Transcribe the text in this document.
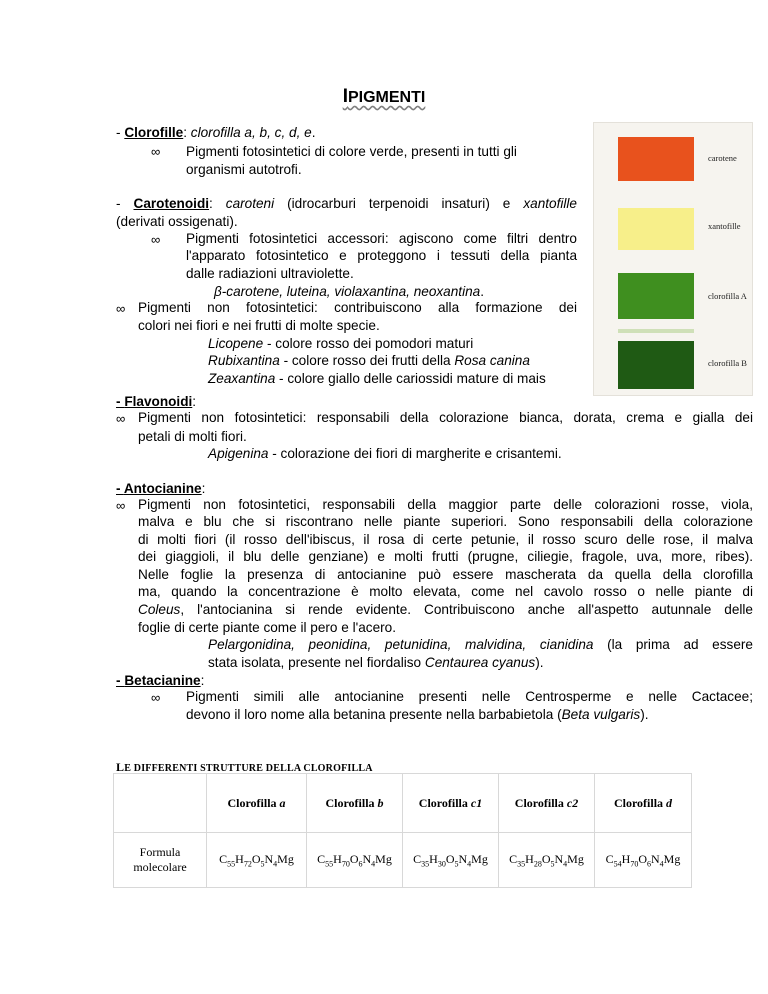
IPIGMENTI
- Clorofille: clorofilla a, b, c, d, e.
∞ Pigmenti fotosintetici di colore verde, presenti in tutti gli
organismi autotrofi.
- Carotenoidi: caroteni (idrocarburi terpenoidi insaturi) e xantofille
(derivati ossigenati).
∞ Pigmenti fotosintetici accessori: agiscono come filtri dentro
l'apparato fotosintetico e proteggono i tessuti della pianta
dalle radiazioni ultraviolette.
β-carotene, luteina, violaxantina, neoxantina.
∞ Pigmenti non fotosintetici: contribuiscono alla formazione dei
colori nei fiori e nei frutti di molte specie.
Licopene - colore rosso dei pomodori maturi
Rubixantina - colore rosso dei frutti della Rosa canina
Zeaxantina - colore giallo delle cariossidi mature di mais
carotene
xantofille
clorofilla A
clorofilla B
- Flavonoidi:
∞ Pigmenti non fotosintetici: responsabili della colorazione bianca, dorata, crema e gialla dei
petali di molti fiori.
Apigenina - colorazione dei fiori di margherite e crisantemi.
- Antocianine:
∞ Pigmenti non fotosintetici, responsabili della maggior parte delle colorazioni rosse, viola,
malva e blu che si riscontrano nelle piante superiori. Sono responsabili della colorazione
di molti fiori (il rosso dell'ibiscus, il rosa di certe petunie, il rosso scuro delle rose, il malva
dei giaggioli, il blu delle genziane) e molti frutti (prugne, ciliegie, fragole, uva, more, ribes).
Nelle foglie la presenza di antocianine può essere mascherata da quella della clorofilla
ma, quando la concentrazione è molto elevata, come nel cavolo rosso o nelle piante di
Coleus, l'antocianina si rende evidente. Contribuiscono anche all'aspetto autunnale delle
foglie di certe piante come il pero e l'acero.
Pelargonidina, peonidina, petunidina, malvidina, cianidina (la prima ad essere
stata isolata, presente nel fiordaliso Centaurea cyanus).
- Betacianine:
∞ Pigmenti simili alle antocianine presenti nelle Centrosperme e nelle Cactacee;
devono il loro nome alla betanina presente nella barbabietola (Beta vulgaris).
LE DIFFERENTI STRUTTURE DELLA CLOROFILLA
	Clorofilla a	Clorofilla b	Clorofilla c1	Clorofilla c2	Clorofilla d
Formula molecolare	$C_{55}H_{72}O_5N_4Mg$	$C_{55}H_{70}O_6N_4Mg$	$C_{35}H_{30}O_5N_4Mg$	$C_{35}H_{28}O_5N_4Mg$	$C_{54}H_{70}O_6N_4Mg$
